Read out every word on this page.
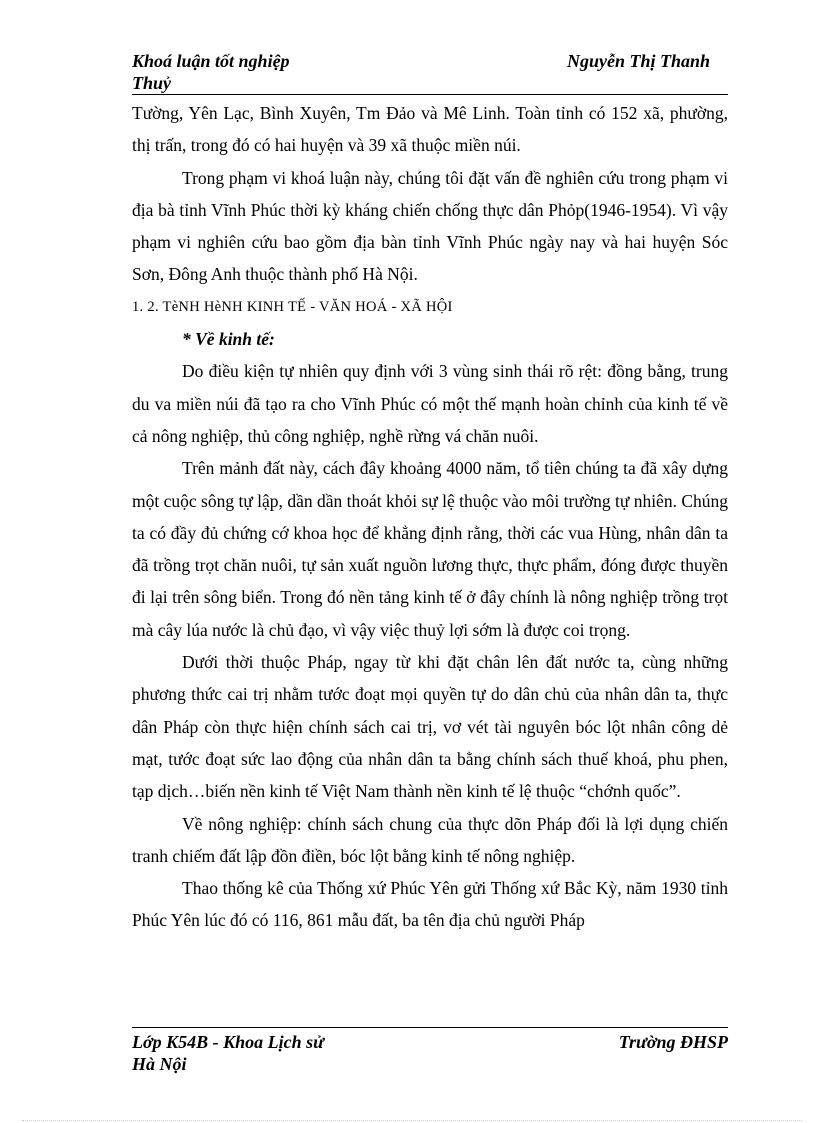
Khoá luận tốt nghiệp
Thuỷ
Nguyễn Thị Thanh

Tường, Yên Lạc, Bình Xuyên, Tm Đảo và Mê Linh. Toàn tỉnh có 152 xã, phường, thị trấn, trong đó có hai huyện và 39 xã thuộc miền núi.

Trong phạm vi khoá luận này, chúng tôi đặt vấn đề nghiên cứu trong phạm vi địa bà tỉnh Vĩnh Phúc thời kỳ kháng chiến chống thực dân Phỏp(1946-1954). Vì vậy phạm vi nghiên cứu bao gồm địa bàn tỉnh Vĩnh Phúc ngày nay và hai huyện Sóc Sơn, Đông Anh thuộc thành phố Hà Nội.

1. 2. TèNH HèNH KINH TẾ - VĂN HOÁ - XÃ HỘI
* Về kinh tế:

Do điều kiện tự nhiên quy định với 3 vùng sinh thái rõ rệt: đồng bằng, trung du va miền núi đã tạo ra cho Vĩnh Phúc có một thế mạnh hoàn chỉnh của kinh tế về cả nông nghiệp, thủ công nghiệp, nghề rừng vá chăn nuôi.

Trên mảnh đất này, cách đây khoảng 4000 năm, tổ tiên chúng ta đã xây dựng một cuộc sông tự lập, dần dần thoát khỏi sự lệ thuộc vào môi trường tự nhiên. Chúng ta có đầy đủ chứng cớ khoa học để khẳng định rằng, thời các vua Hùng, nhân dân ta đã trồng trọt chăn nuôi, tự sản xuất nguồn lương thực, thực phẩm, đóng được thuyền đi lại trên sông biển. Trong đó nền tảng kinh tế ở đây chính là nông nghiệp trồng trọt mà cây lúa nước là chủ đạo, vì vậy việc thuỷ lợi sớm là được coi trọng.

Dưới thời thuộc Pháp, ngay từ khi đặt chân lên đất nước ta, cùng những phương thức cai trị nhằm tước đoạt mọi quyền tự do dân chủ của nhân dân ta, thực dân Pháp còn thực hiện chính sách cai trị, vơ vét tài nguyên bóc lột nhân công dẻ mạt, tước đoạt sức lao động của nhân dân ta bằng chính sách thuế khoá, phu phen, tạp dịch…biến nền kinh tế Việt Nam thành nền kinh tế lệ thuộc “chớnh quốc”.

Về nông nghiệp: chính sách chung của thực dõn Pháp đối là lợi dụng chiến tranh chiếm đất lập đồn điền, bóc lột bằng kinh tế nông nghiệp.

Thao thống kê của Thống xứ Phúc Yên gửi Thống xứ Bắc Kỳ, năm 1930 tỉnh Phúc Yên lúc đó có 116, 861 mẫu đất, ba tên địa chủ người Pháp

Lớp K54B - Khoa Lịch sử
Hà Nội
Trường ĐHSP
